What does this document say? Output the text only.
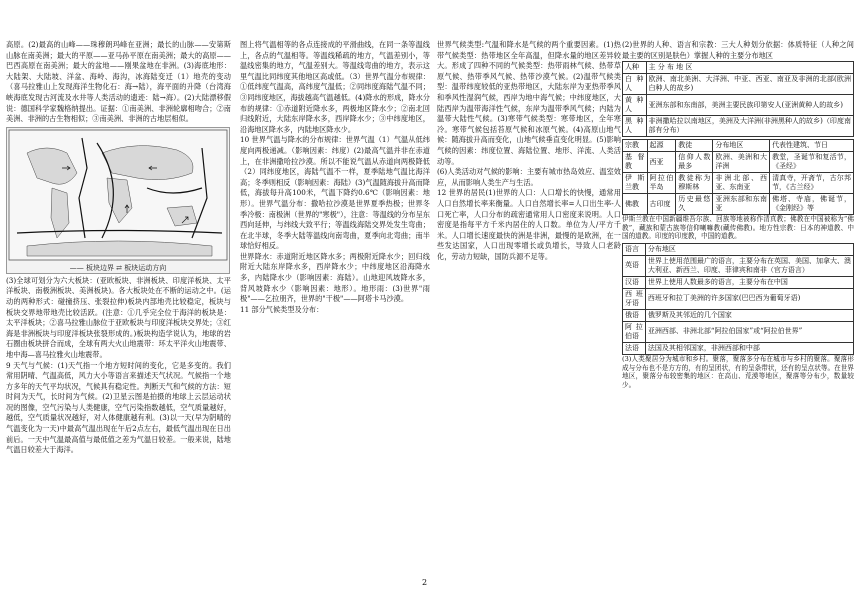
高原。(2)最高的山峰——珠穆朗玛峰在亚洲；最长的山脉——安第斯山脉在南美洲；最大的平原——亚马孙平原在南美洲；最大的高原——巴西高原在南美洲；最大的盆地——刚果盆地在非洲。(3)海底地形：大陆架、大陆坡、洋盆、海岭、海沟，冰海陆变迁（1）地壳的变动（喜马拉雅山上发现海洋生物化石：海→陆），海平面的升降（台湾海峡海底发现古河流及水井等人类活动的遗迹：陆→海）。(2)大陆漂移假说：德国科学家魏格纳提出。证据：①南美洲、非洲轮廓相吻合；②南美洲、非洲的古生物相似；③南美洲、非洲的古地层相似。

—— 板块边界 ⇄ 板块运动方向

(3)全球可划分为六大板块：(亚欧板块、非洲板块、印度洋板块、太平洋板块、南极洲板块、美洲板块)。各大板块处在不断的运动之中。(运动的两种形式：碰撞挤压、张裂拉伸)板块内部地壳比较稳定，板块与板块交界地带地壳比较活跃。(注意：①几乎完全位于海洋的板块是：太平洋板块；②喜马拉雅山脉位于亚欧板块与印度洋板块交界处；③红海是非洲板块与印度洋板块张裂形成的。)板块构造学说认为，地球的岩石圈由板块拼合而成，全球有两大火山地震带：环太平洋火山地震带、地中海—喜马拉雅火山地震带。

9 天气与气候：(1)天气指一个地方短时间的变化，它是多变的。我们常用阴晴、气温高低，风力大小等语言来描述天气状况。气候指一个地方多年的天气平均状况，气候具有稳定性。判断天气和气候的方法：短时间为天气，长时间为气候。(2)卫星云图是拍摄的地球上云层运动状况的图像，空气污染与人类健康，空气污染指数越低，空气质量越好，越低，空气质量状况越好，对人体健康越有利。(3)以一天(早为阴晴的气温变化为一天)中最高气温出现在午后2点左右，最低气温出现在日出前后。一天中气温最高值与最低值之差为气温日较差。一般来说，陆地气温日较差大于海洋。

图上将气温相等的各点连接成的平滑曲线，在同一条等温线上，各点的气温相等。等温线稀疏的地方，气温差别小，等温线密集的地方，气温差别大。等温线弯曲的地方，表示这里气温比同纬度其他地区高或低。（3）世界气温分布规律：①低纬度气温高，高纬度气温低；②同纬度海陆气温不同；③同纬度地区，海拔越高气温越低。(4)降水的形成，降水分布的规律：①赤道附近降水多，两极地区降水少；②南北回归线附近，大陆东岸降水多，西岸降水少；③中纬度地区，沿海地区降水多，内陆地区降水少。

10 世界气温与降水的分布规律：世界气温（1）气温从低纬度向两极递减。（影响因素：纬度）(2)最高气温并非在赤道上，在非洲撒哈拉沙漠。所以不能说气温从赤道向两极降低（2）同纬度地区，海陆气温不一样，夏季陆地气温比海洋高；冬季则相反（影响因素：海陆）(3)气温随海拔升高而降低，海拔每升高100米，气温下降约0.6℃（影响因素：地形）。世界气温分布：撒哈拉沙漠是世界夏季热极；世界冬季冷极：南极洲（世界的"寒极"），注意：等温线的分布呈东西向延伸，与纬线大致平行；等温线海陆交界处发生弯曲；在北半球，冬季大陆等温线向南弯曲，夏季向北弯曲；南半球恰好相反。

世界降水：赤道附近地区降水多；两极附近降水少；回归线附近大陆东岸降水多，西岸降水少；中纬度地区沿海降水多，内陆降水少（影响因素：海陆）。山地迎风坡降水多，背风坡降水少（影响因素：地形）。地形雨：(3)世界"雨极"——乞拉朋齐，世界的"干极"——阿塔卡马沙漠。

11 部分气候类型及分布：

世界气候类型:气温和降水是气候的两个重要因素。(1)热带气候类型：热带地区全年高温，但降水量的地区差异较大。形成了四种不同的气候类型：热带雨林气候、热带草原气候、热带季风气候、热带沙漠气候。(2)温带气候类型：温带纬度较低的亚热带地区，大陆东岸为亚热带季风和季风性湿润气候，西岸为地中海气候；中纬度地区，大陆西岸为温带海洋性气候，东岸为温带季风气候；内陆为温带大陆性气候。(3)寒带气候类型：寒带地区，全年寒冷。寒带气候包括苔原气候和冰原气候。(4)高原山地气候：随海拔升高而变化，山地气候垂直变化明显。(5)影响气候的因素：纬度位置、海陆位置、地形、洋流、人类活动等。

(6)人类活动对气候的影响：主要有城市热岛效应、温室效应，从而影响人类生产与生活。

12 世界的居民(1)世界的人口：人口增长的快慢，通常用人口自然增长率来衡量。人口自然增长率=人口出生率-人口死亡率，人口分布的疏密通常用人口密度来说明。人口密度是指每平方千米内居住的人口数。单位为人/平方千米。人口增长速度最快的洲是非洲，最慢的是欧洲，在一些发达国家，人口出现零增长或负增长，导致人口老龄化，劳动力短缺，国防兵源不足等。

(2)世界的人种、语言和宗教：三大人种划分依据：体质特征（人种之间最主要的区别是肤色）掌握人种的主要分布地区

人种	主 分 布 地 区
白种人	欧洲、南北美洲、大洋洲、中亚、西亚、南亚及非洲的北部(欧洲白种人的故乡)
黄种人	亚洲东部和东南部，美洲主要民族印第安人(亚洲黄种人的故乡)
黑种人	非洲撒哈拉以南地区，美洲及大洋洲(非洲黑种人的故乡)（印度南部有分布）
宗教	起源	教徒	分布地区	代表性建筑、节日
基督教	西亚	信仰人数最多	欧洲、美洲和大洋洲	教堂，圣诞节和复活节，《圣经》
伊斯兰教	阿拉伯半岛	教徒称为穆斯林	非洲北部、西亚、东南亚	清真寺，开斋节，古尔邦节，《古兰经》
佛教	古印度	历史最悠久	亚洲东部和东南亚	佛塔、寺庙，佛诞节，《金刚经》等

伊斯兰教在中国新疆维吾尔族、回族等地被称作清真教；佛教在中国被称为“佛教”，藏族和蒙古族等信仰喇嘛教(藏传佛教)。地方性宗教：日本的神道教、中国的道教。印度的印度教，中国的道教。

语言	分布地区
英语	世界上使用范围最广的语言，主要分布在英国、美国、加拿大、澳大利亚、新西兰、印度、菲律宾和南非（官方语言）
汉语	世界上使用人数最多的语言，主要分布在中国
西班牙语	西班牙和拉丁美洲的许多国家(巴巴西为葡萄牙语)
俄语	俄罗斯及其邻近的几个国家
阿拉伯语	亚洲西部、非洲北部“阿拉伯国家”或“阿拉伯世界”
法语	法国及其相邻国家，非洲西部和中部

(3)人类聚居分为城市和乡村。聚落，聚落多分布在城市与乡村的聚落。聚落形成与分布也不是方方的，有的呈团状，有的呈条带状，还有的呈点状等。在世界地区，聚落分布较密集的地区：在高山、荒漠等地区，聚落等分布少，数量较少。

2
